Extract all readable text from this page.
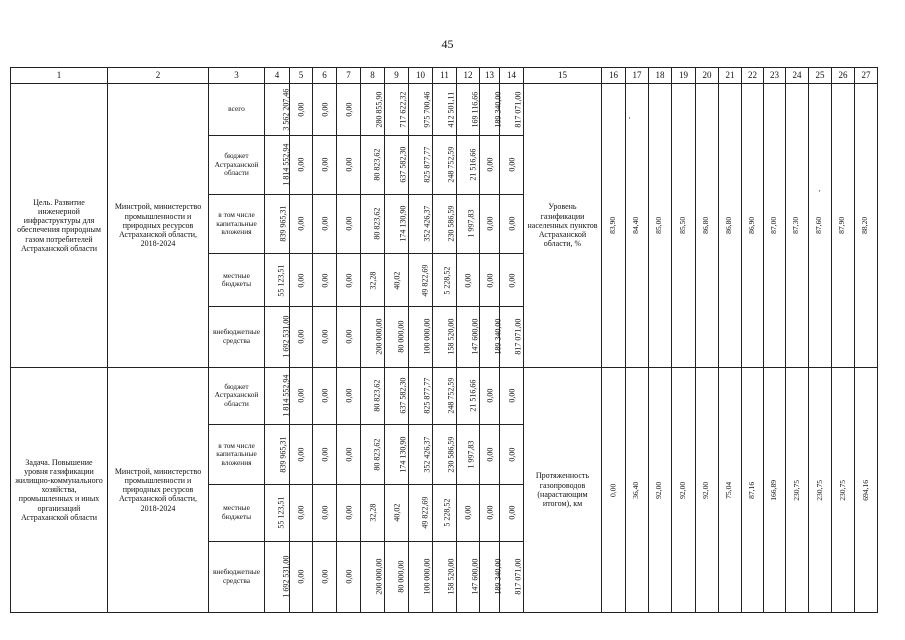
45
1	2	3	4	5	6	7	8	9	10	11	12	13	14	15	16	17	18	19	20	21	22	23	24	25	26	27

Цель. Развитие инженерной инфраструктуры для обеспечения природным газом потребителей Астраханской области	Минстрой, министерство промышленности и природных ресурсов Астраханской области, 2018-2024	всего	3 562 207,46	0,00	0,00	0,00	280 855,90	717 622,32	975 700,46	412 501,11	169 116,66	189 340,00	817 071,00	Уровень газификации населенных пунктов Астраханской области, %	83,90	84,40	85,00	85,50	86,80	86,80	86,90	87,00	87,30	87,60	87,90	88,20

		бюджет Астраханской области	1 814 552,94	0,00	0,00	0,00	80 823,62	637 582,30	825 877,77	248 752,59	21 516,66	0,00	0,00													

		в том числе капитальные вложения	839 965,31	0,00	0,00	0,00	80 823,62	174 130,90	352 426,37	230 586,59	1 997,83	0,00	0,00													

		местные бюджеты	55 123,51	0,00	0,00	0,00	32,28	40,02	49 822,69	5 228,52	0,00	0,00	0,00													

		внебюджетные средства	1 692 531,00	0,00	0,00	0,00	200 000,00	80 000,00	100 000,00	158 520,00	147 600,00	189 340,00	817 071,00													

Задача. Повышение уровня газификации жилищно-коммунального хозяйства, промышленных и иных организаций Астраханской области	Минстрой, министерство промышленности и природных ресурсов Астраханской области, 2018-2024	бюджет Астраханской области	1 814 552,94	0,00	0,00	0,00	80 823,62	637 582,30	825 877,77	248 752,59	21 516,66	0,00	0,00	Протяженность газопроводов (нарастающим итогом), км	0,00	36,40	92,00	92,00	92,00	75,04	87,16	166,89	230,75	230,75	230,75	694,16

		в том числе капитальные вложения	839 965,31	0,00	0,00	0,00	80 823,62	174 130,90	352 426,37	230 586,59	1 997,83	0,00	0,00													

		местные бюджеты	55 123,51	0,00	0,00	0,00	32,28	40,02	49 822,69	5 228,52	0,00	0,00	0,00													

		внебюджетные средства	1 692 531,00	0,00	0,00	0,00	200 000,00	80 000,00	100 000,00	158 520,00	147 600,00	189 340,00	817 071,00													
·
·
